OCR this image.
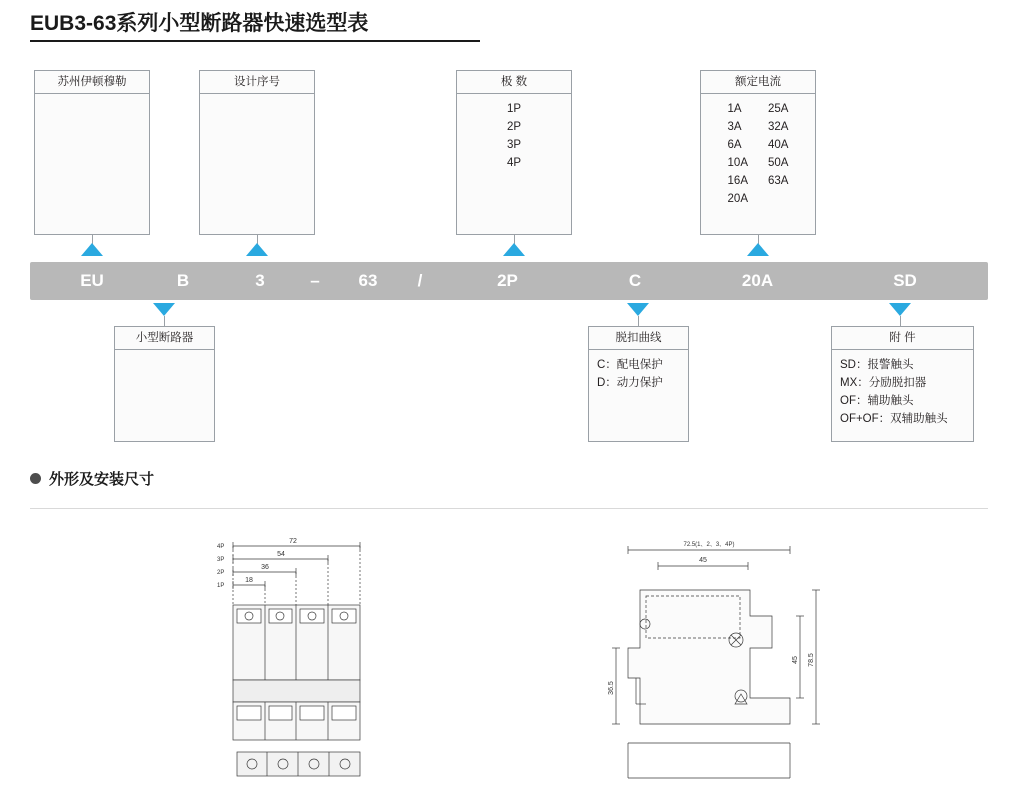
EUB3-63系列小型断路器快速选型表
苏州伊顿穆勒	设计序号	极 数
1P
2P
3P
4P
额定电流
1A
3A
6A
10A
16A
20A
25A
32A
40A
50A
63A
EU	B	3	–	63	/	2P	C	20A	SD
小型断路器	脱扣曲线
C：配电保护
D：动力保护
附 件
SD：报警触头
MX：分励脱扣器
OF：辅助触头
OF+OF：双辅助触头
外形及安装尺寸
72
54
36
18
4P
3P
2P
1P
72.5(1、2、3、4P)
45
36.5
45 78.5
